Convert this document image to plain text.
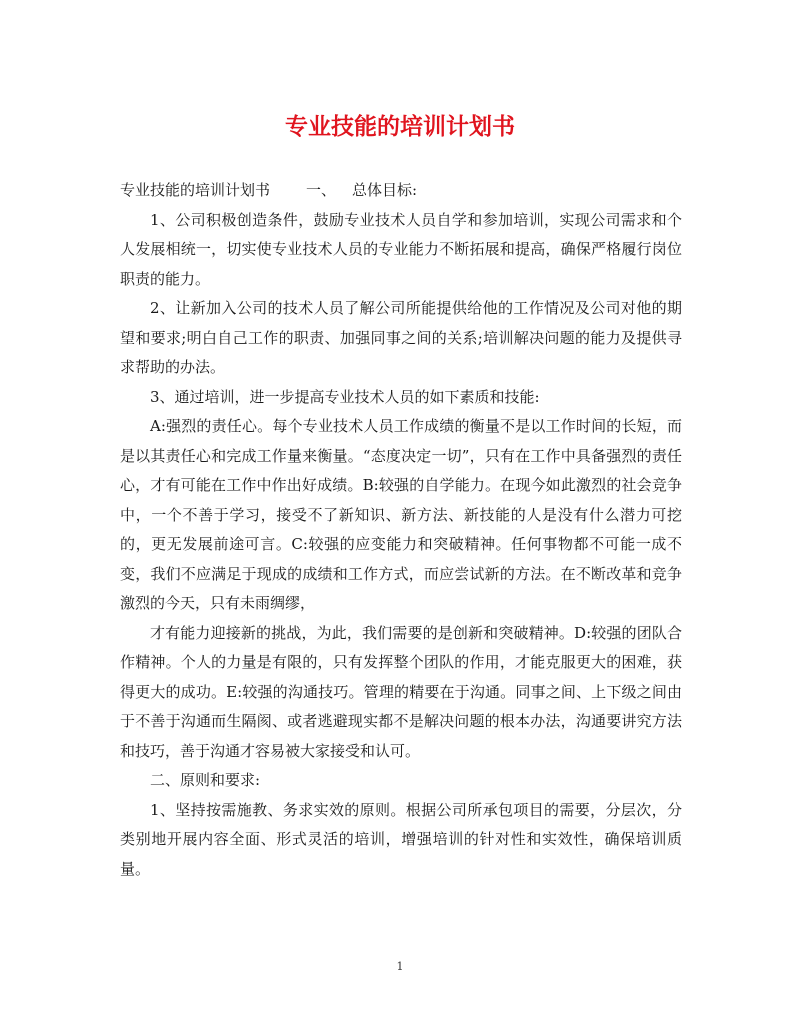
专业技能的培训计划书

专业技能的培训计划书 一、 总体目标:

1、公司积极创造条件，鼓励专业技术人员自学和参加培训，实现公司需求和个人发展相统一，切实使专业技术人员的专业能力不断拓展和提高，确保严格履行岗位职责的能力。

2、让新加入公司的技术人员了解公司所能提供给他的工作情况及公司对他的期望和要求;明白自己工作的职责、加强同事之间的关系;培训解决问题的能力及提供寻求帮助的办法。

3、通过培训，进一步提高专业技术人员的如下素质和技能:

A:强烈的责任心。每个专业技术人员工作成绩的衡量不是以工作时间的长短，而是以其责任心和完成工作量来衡量。“态度决定一切”，只有在工作中具备强烈的责任心，才有可能在工作中作出好成绩。B:较强的自学能力。在现今如此激烈的社会竞争中，一个不善于学习，接受不了新知识、新方法、新技能的人是没有什么潜力可挖的，更无发展前途可言。C:较强的应变能力和突破精神。任何事物都不可能一成不变，我们不应满足于现成的成绩和工作方式，而应尝试新的方法。在不断改革和竞争激烈的今天，只有未雨绸缪，

才有能力迎接新的挑战，为此，我们需要的是创新和突破精神。D:较强的团队合作精神。个人的力量是有限的，只有发挥整个团队的作用，才能克服更大的困难，获得更大的成功。E:较强的沟通技巧。管理的精要在于沟通。同事之间、上下级之间由于不善于沟通而生隔阂、或者逃避现实都不是解决问题的根本办法，沟通要讲究方法和技巧，善于沟通才容易被大家接受和认可。

二、原则和要求:

1、坚持按需施教、务求实效的原则。根据公司所承包项目的需要，分层次，分类别地开展内容全面、形式灵活的培训，增强培训的针对性和实效性，确保培训质量。

1
